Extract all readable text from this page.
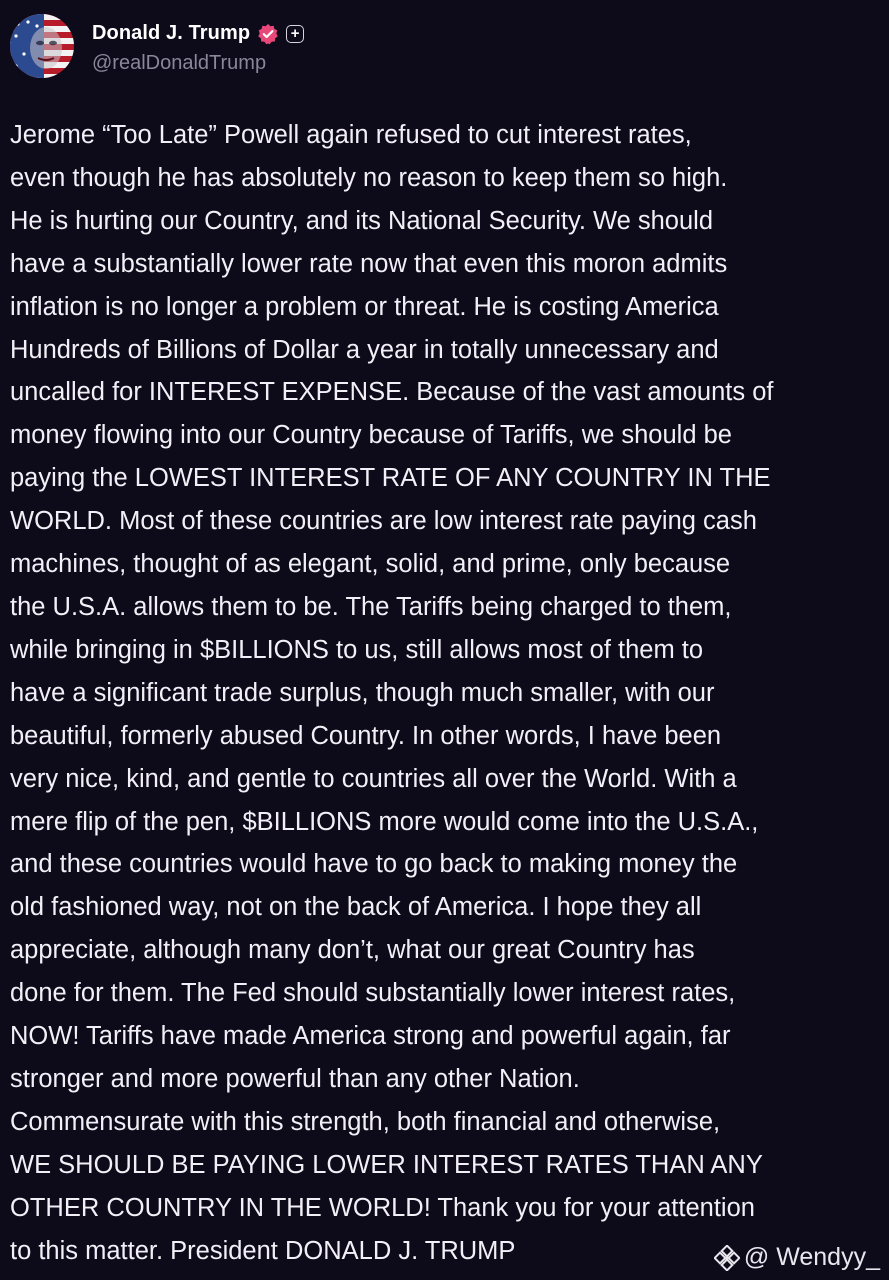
Donald J. Trump	+
@realDonaldTrump
Jerome “Too Late” Powell again refused to cut interest rates,
even though he has absolutely no reason to keep them so high.
He is hurting our Country, and its National Security. We should
have a substantially lower rate now that even this moron admits
inflation is no longer a problem or threat. He is costing America
Hundreds of Billions of Dollar a year in totally unnecessary and
uncalled for INTEREST EXPENSE. Because of the vast amounts of
money flowing into our Country because of Tariffs, we should be
paying the LOWEST INTEREST RATE OF ANY COUNTRY IN THE
WORLD. Most of these countries are low interest rate paying cash
machines, thought of as elegant, solid, and prime, only because
the U.S.A. allows them to be. The Tariffs being charged to them,
while bringing in $BILLIONS to us, still allows most of them to
have a significant trade surplus, though much smaller, with our
beautiful, formerly abused Country. In other words, I have been
very nice, kind, and gentle to countries all over the World. With a
mere flip of the pen, $BILLIONS more would come into the U.S.A.,
and these countries would have to go back to making money the
old fashioned way, not on the back of America. I hope they all
appreciate, although many don’t, what our great Country has
done for them. The Fed should substantially lower interest rates,
NOW! Tariffs have made America strong and powerful again, far
stronger and more powerful than any other Nation.
Commensurate with this strength, both financial and otherwise,
WE SHOULD BE PAYING LOWER INTEREST RATES THAN ANY
OTHER COUNTRY IN THE WORLD! Thank you for your attention
to this matter. President DONALD J. TRUMP	@ Wendyy_
